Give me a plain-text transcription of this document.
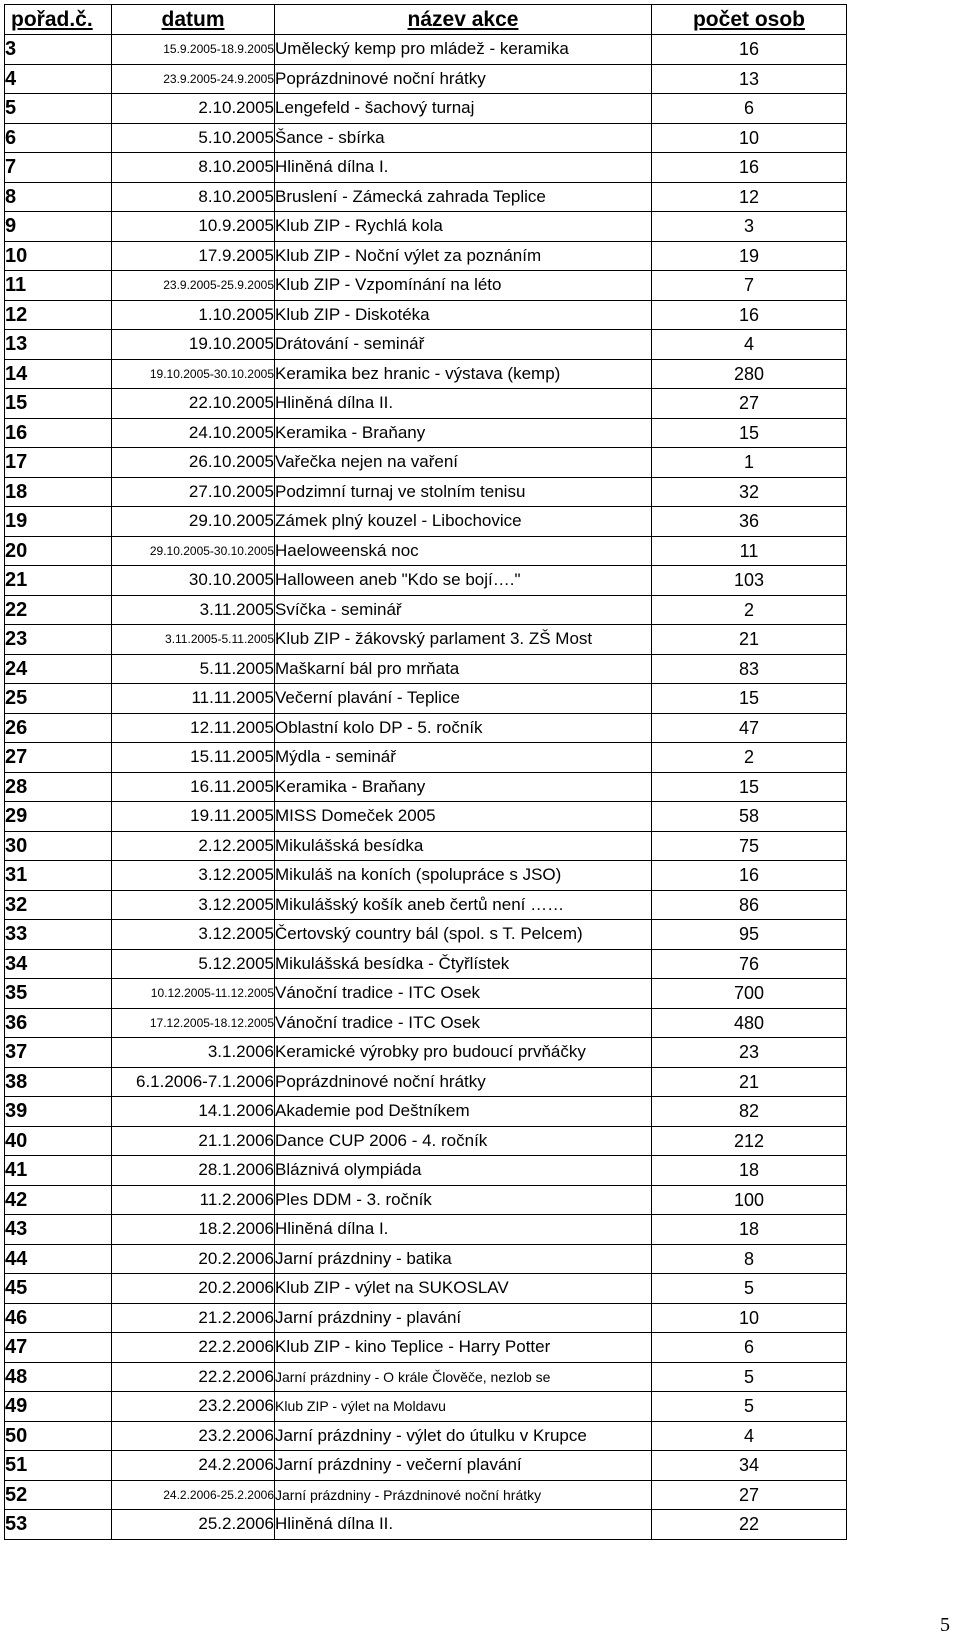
pořad.č.	datum	název akce	počet osob
3	15.9.2005-18.9.2005	Umělecký kemp pro mládež - keramika	16
4	23.9.2005-24.9.2005	Poprázdninové noční hrátky	13
5	2.10.2005	Lengefeld - šachový turnaj	6
6	5.10.2005	Šance - sbírka	10
7	8.10.2005	Hliněná dílna I.	16
8	8.10.2005	Bruslení - Zámecká zahrada Teplice	12
9	10.9.2005	Klub ZIP - Rychlá kola	3
10	17.9.2005	Klub ZIP - Noční výlet za poznáním	19
11	23.9.2005-25.9.2005	Klub ZIP - Vzpomínání na léto	7
12	1.10.2005	Klub ZIP - Diskotéka	16
13	19.10.2005	Drátování - seminář	4
14	19.10.2005-30.10.2005	Keramika bez hranic - výstava (kemp)	280
15	22.10.2005	Hliněná dílna II.	27
16	24.10.2005	Keramika - Braňany	15
17	26.10.2005	Vařečka nejen na vaření	1
18	27.10.2005	Podzimní turnaj ve stolním tenisu	32
19	29.10.2005	Zámek plný kouzel - Libochovice	36
20	29.10.2005-30.10.2005	Haeloweenská noc	11
21	30.10.2005	Halloween aneb "Kdo se bojí…."	103
22	3.11.2005	Svíčka - seminář	2
23	3.11.2005-5.11.2005	Klub ZIP - žákovský parlament 3. ZŠ Most	21
24	5.11.2005	Maškarní bál pro mrňata	83
25	11.11.2005	Večerní plavání - Teplice	15
26	12.11.2005	Oblastní kolo DP - 5. ročník	47
27	15.11.2005	Mýdla - seminář	2
28	16.11.2005	Keramika - Braňany	15
29	19.11.2005	MISS Domeček 2005	58
30	2.12.2005	Mikulášská besídka	75
31	3.12.2005	Mikuláš na koních (spolupráce s JSO)	16
32	3.12.2005	Mikulášský košík aneb čertů není ……	86
33	3.12.2005	Čertovský country bál (spol. s T. Pelcem)	95
34	5.12.2005	Mikulášská besídka - Čtyřlístek	76
35	10.12.2005-11.12.2005	Vánoční tradice - ITC Osek	700
36	17.12.2005-18.12.2005	Vánoční tradice - ITC Osek	480
37	3.1.2006	Keramické výrobky pro budoucí prvňáčky	23
38	6.1.2006-7.1.2006	Poprázdninové noční hrátky	21
39	14.1.2006	Akademie pod Deštníkem	82
40	21.1.2006	Dance CUP 2006 - 4. ročník	212
41	28.1.2006	Bláznivá olympiáda	18
42	11.2.2006	Ples DDM - 3. ročník	100
43	18.2.2006	Hliněná dílna I.	18
44	20.2.2006	Jarní prázdniny - batika	8
45	20.2.2006	Klub ZIP - výlet na SUKOSLAV	5
46	21.2.2006	Jarní prázdniny - plavání	10
47	22.2.2006	Klub ZIP - kino Teplice - Harry Potter	6
48	22.2.2006	Jarní prázdniny - O krále Člověče, nezlob se	5
49	23.2.2006	Klub ZIP - výlet na Moldavu	5
50	23.2.2006	Jarní prázdniny - výlet do útulku v Krupce	4
51	24.2.2006	Jarní prázdniny - večerní plavání	34
52	24.2.2006-25.2.2006	Jarní prázdniny - Prázdninové noční hrátky	27
53	25.2.2006	Hliněná dílna II.	22
5
